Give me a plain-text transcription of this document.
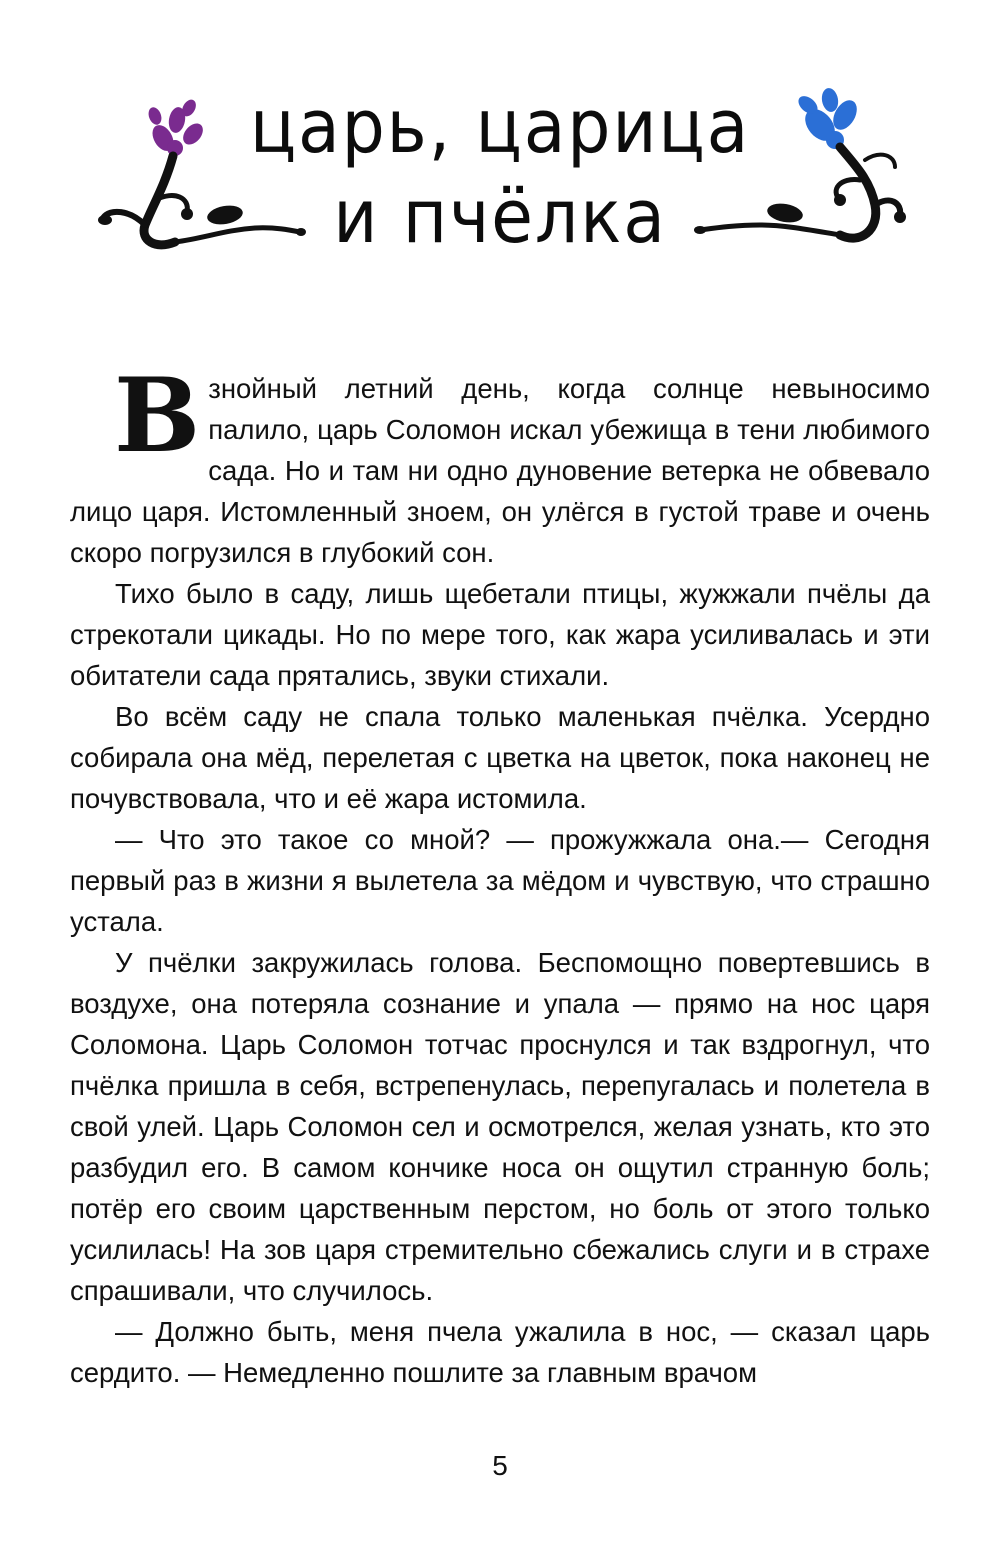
царь, царица
и пчёлка

Взнойный летний день, когда солнце невыносимо палило, царь Соломон искал убежища в тени любимого сада. Но и там ни одно дуновение ветерка не обвевало лицо царя. Истомленный зноем, он улёгся в густой траве и очень скоро погрузился в глубокий сон.

Тихо было в саду, лишь щебетали птицы, жужжали пчёлы да стрекотали цикады. Но по мере того, как жара усиливалась и эти обитатели сада прятались, звуки стихали.

Во всём саду не спала только маленькая пчёлка. Усердно собирала она мёд, перелетая с цветка на цветок, пока наконец не почувствовала, что и её жара истомила.

— Что это такое со мной? — прожужжала она.— Сегодня первый раз в жизни я вылетела за мёдом и чувствую, что страшно устала.

У пчёлки закружилась голова. Беспомощно повертевшись в воздухе, она потеряла сознание и упала — прямо на нос царя Соломона. Царь Соломон тотчас проснулся и так вздрогнул, что пчёлка пришла в себя, встрепенулась, перепугалась и полетела в свой улей. Царь Соломон сел и осмотрелся, желая узнать, кто это разбудил его. В самом кончике носа он ощутил странную боль; потёр его своим царственным перстом, но боль от этого только усилилась! На зов царя стремительно сбежались слуги и в страхе спрашивали, что случилось.

— Должно быть, меня пчела ужалила в нос, — сказал царь сердито. — Немедленно пошлите за главным врачом

5
